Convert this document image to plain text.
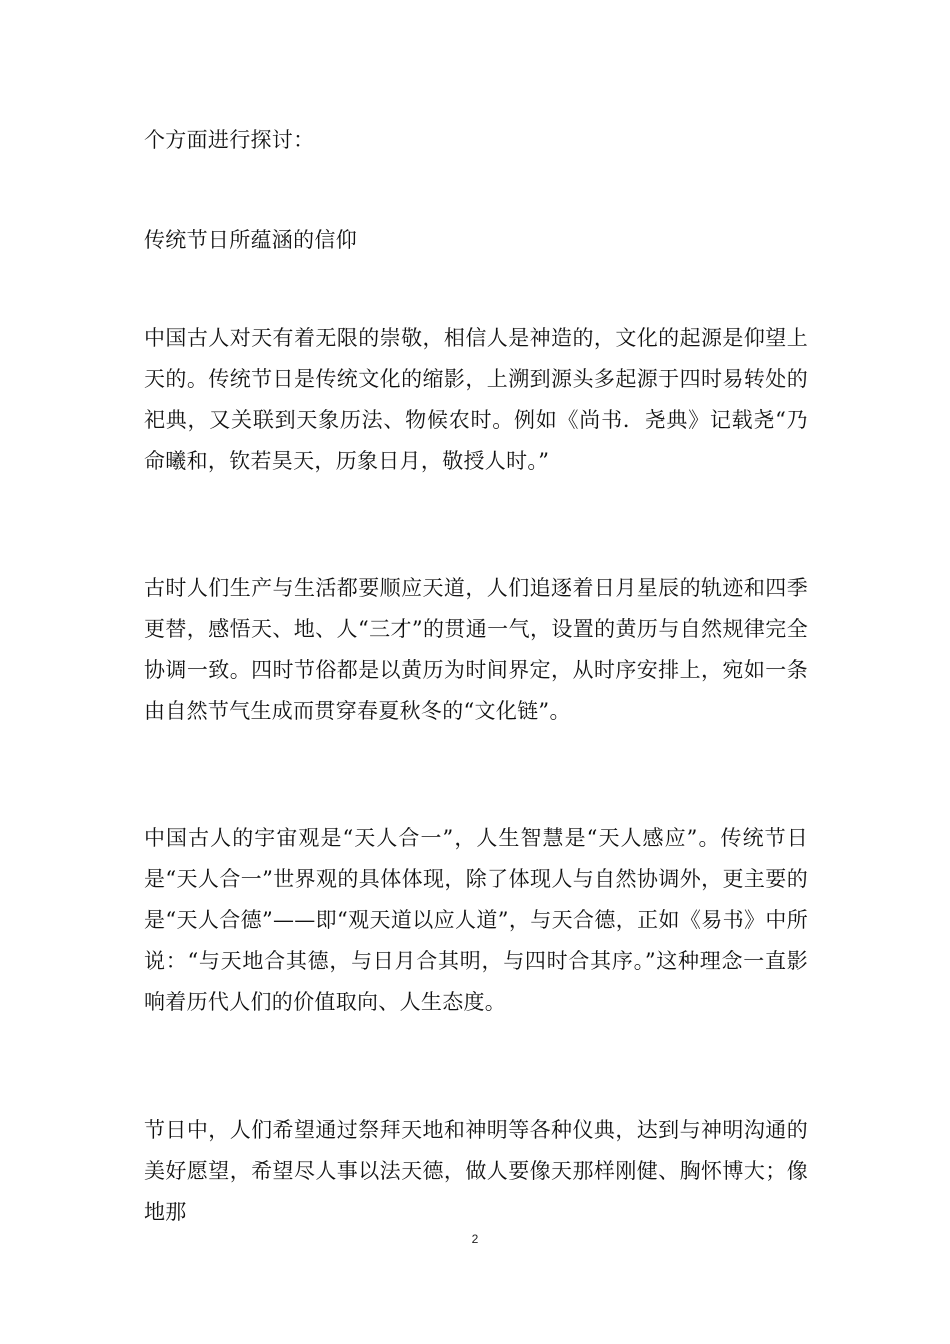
个方面进行探讨：

传统节日所蕴涵的信仰

中国古人对天有着无限的崇敬，相信人是神造的，文化的起源是仰望上天的。传统节日是传统文化的缩影，上溯到源头多起源于四时易转处的祀典，又关联到天象历法、物候农时。例如《尚书．尧典》记载尧“乃命曦和，钦若昊天，历象日月，敬授人时。”

古时人们生产与生活都要顺应天道，人们追逐着日月星辰的轨迹和四季更替，感悟天、地、人“三才”的贯通一气，设置的黄历与自然规律完全协调一致。四时节俗都是以黄历为时间界定，从时序安排上，宛如一条由自然节气生成而贯穿春夏秋冬的“文化链”。

中国古人的宇宙观是“天人合一”，人生智慧是“天人感应”。传统节日是“天人合一”世界观的具体体现，除了体现人与自然协调外，更主要的是“天人合德”——即“观天道以应人道”，与天合德，正如《易书》中所说：“与天地合其德，与日月合其明，与四时合其序。”这种理念一直影响着历代人们的价值取向、人生态度。

节日中，人们希望通过祭拜天地和神明等各种仪典，达到与神明沟通的美好愿望，希望尽人事以法天德，做人要像天那样刚健、胸怀博大；像地那

2
